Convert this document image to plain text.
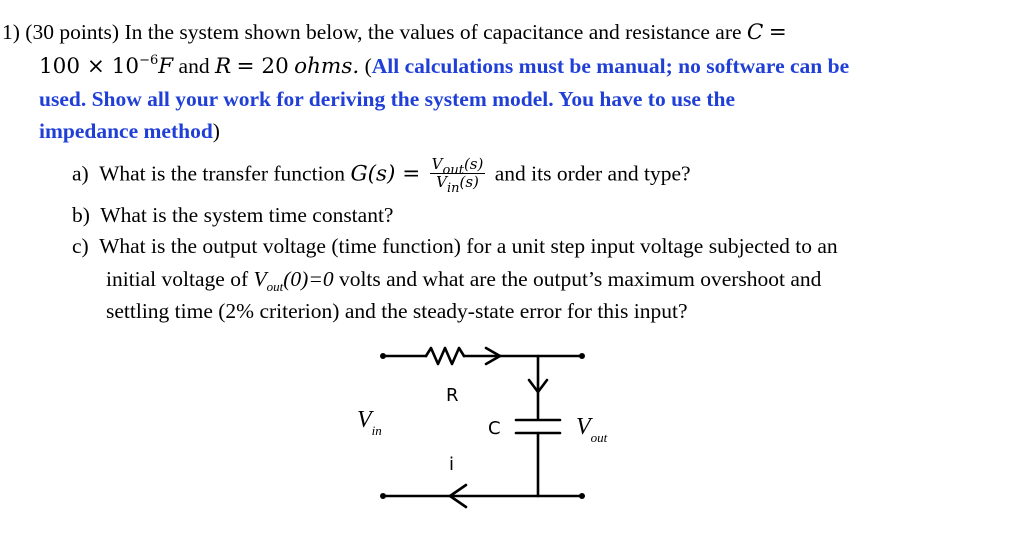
1) (30 points) In the system shown below, the values of capacitance and resistance are C =
$100 \times 10^{-6}F$ and R = 20 ohms. (All calculations must be manual; no software can be
used. Show all your work for deriving the system model. You have to use the
impedance method)
a) What is the transfer function $G(s) = \frac{V_{out}(s)}{V_{in}(s)}$ and its order and type?
b) What is the system time constant?
c) What is the output voltage (time function) for a unit step input voltage subjected to an
initial voltage of $V_{out}(0)=0$ volts and what are the output’s maximum overshoot and
settling time (2% criterion) and the steady-state error for this input?
R
C
i
$V_{in}$	$V_{out}$
